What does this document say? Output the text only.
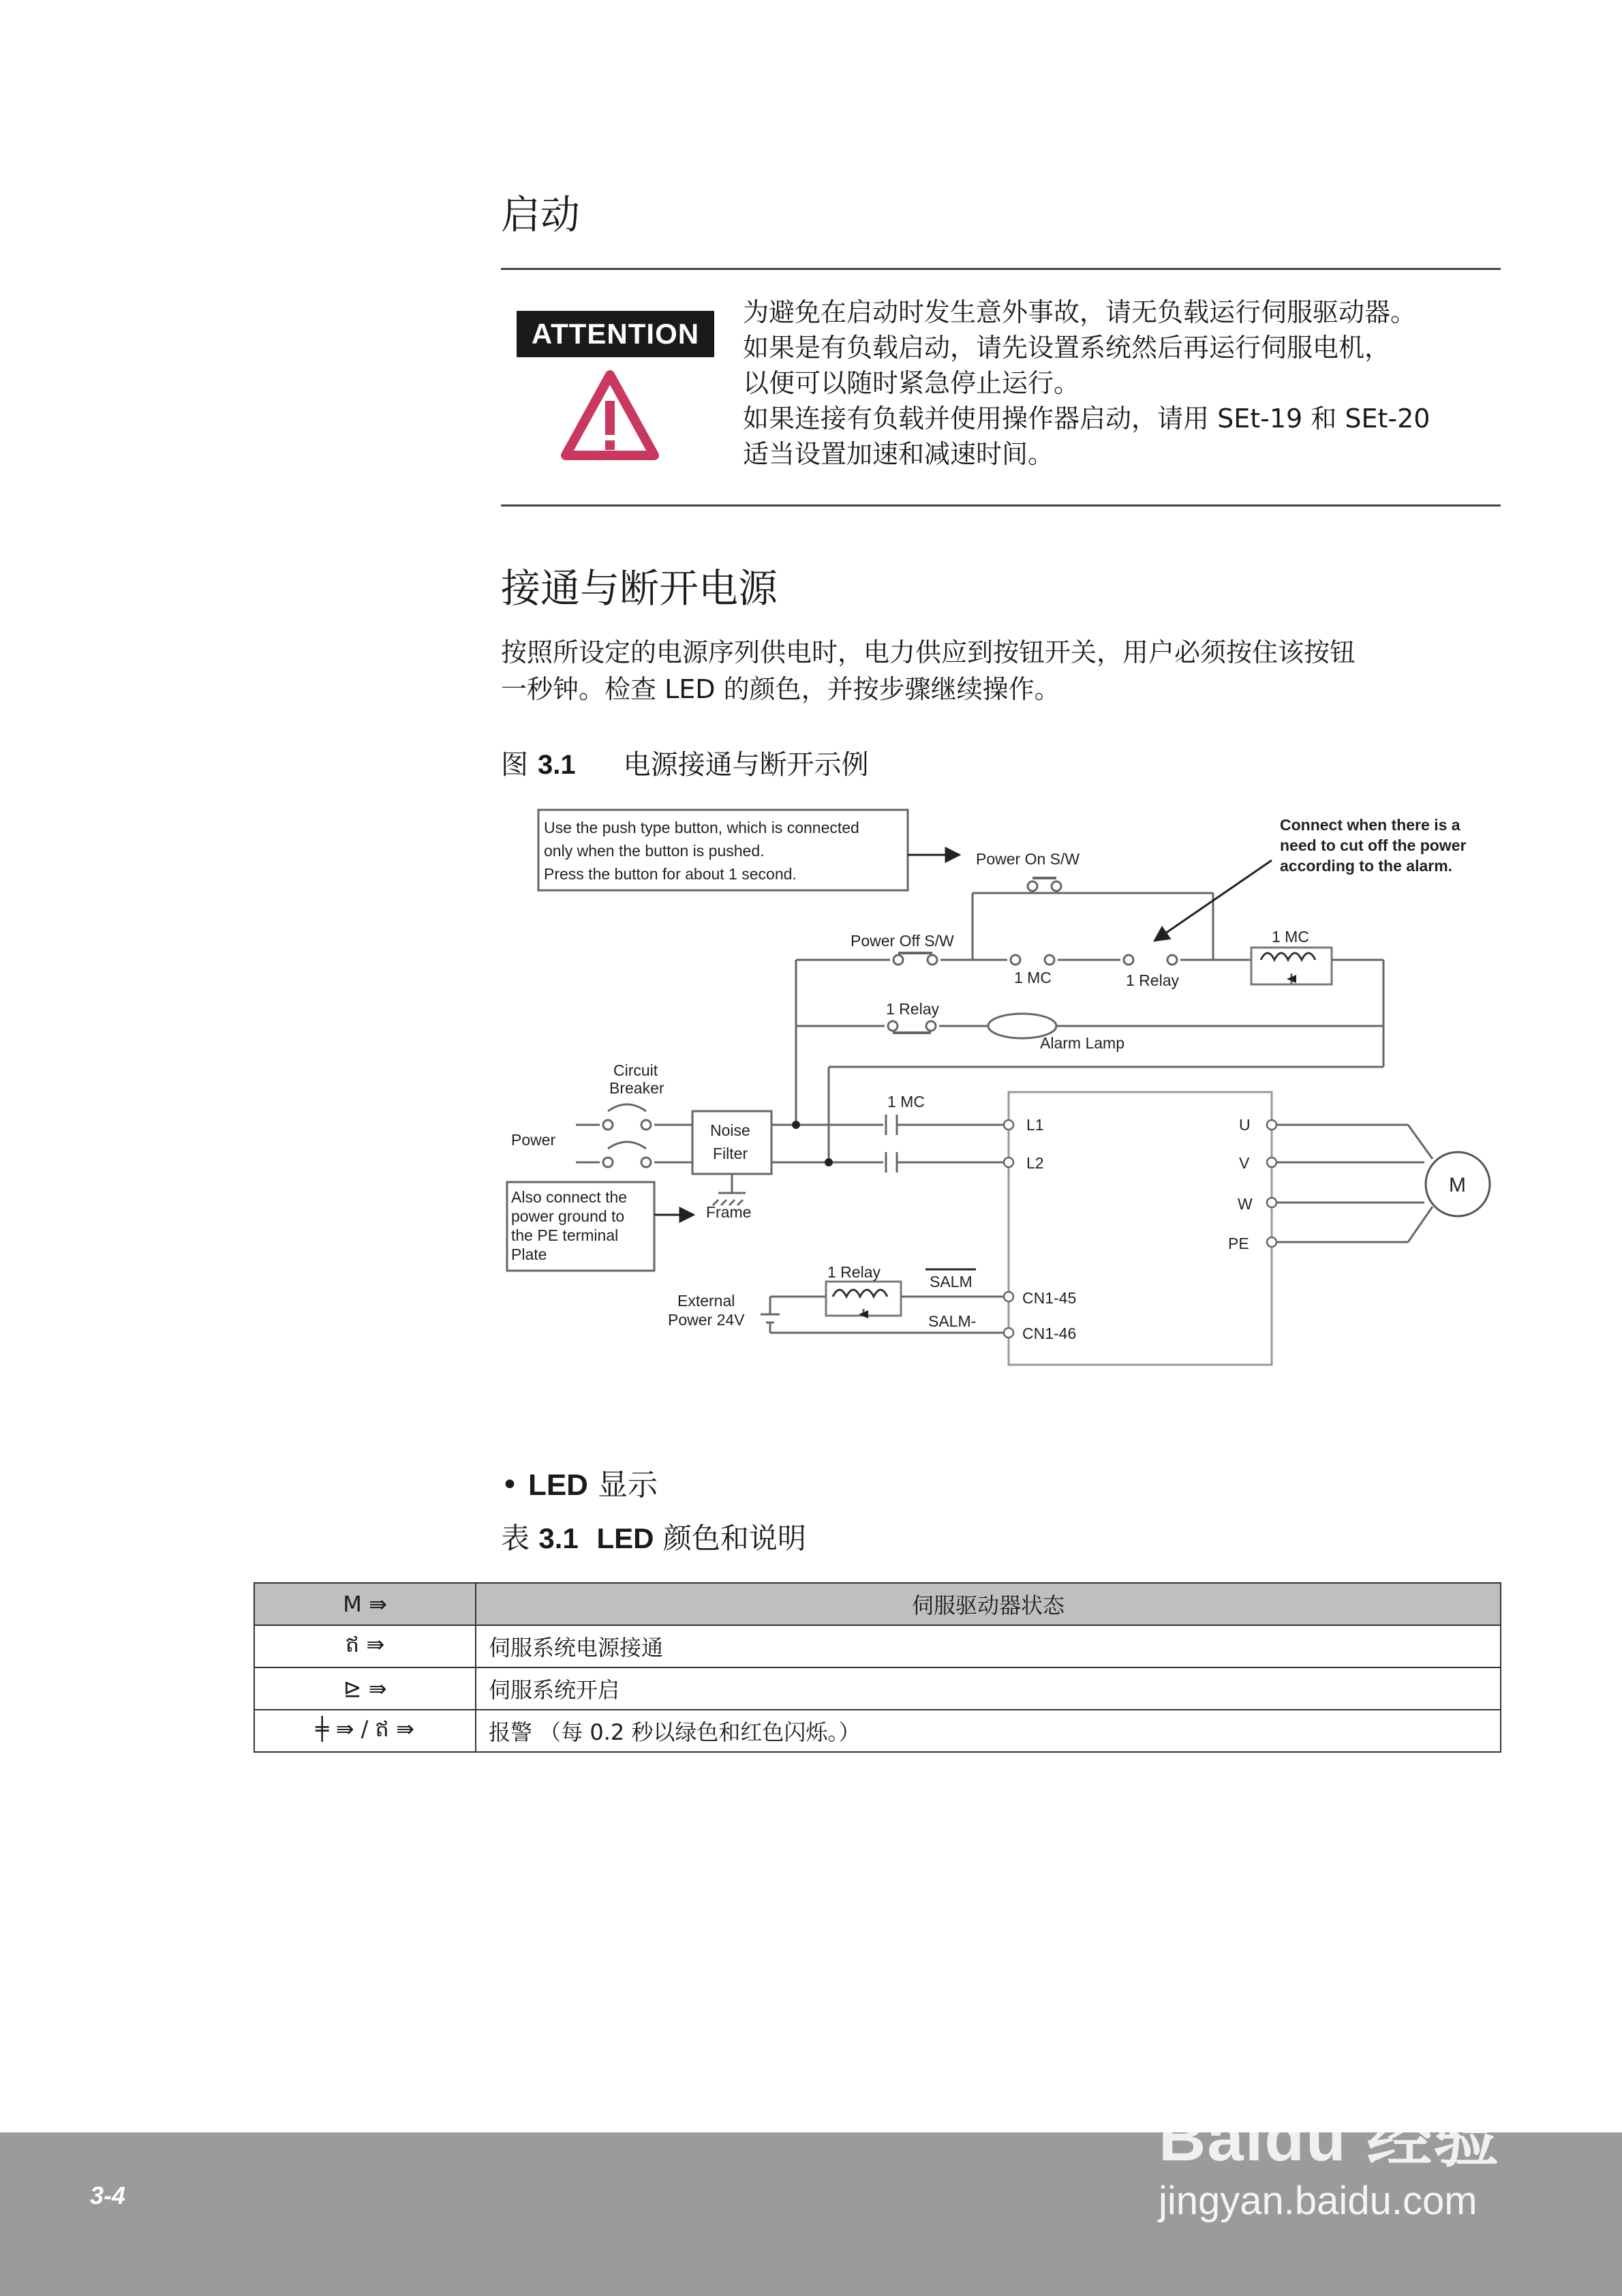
启动
ATTENTION
为避免在启动时发生意外事故，请无负载运行伺服驱动器。
如果是有负载启动，请先设置系统然后再运行伺服电机，
以便可以随时紧急停止运行。
如果连接有负载并使用操作器启动，请用 SEt-19 和 SEt-20
适当设置加速和减速时间。
接通与断开电源
按照所设定的电源序列供电时，电力供应到按钮开关，用户必须按住该按钮
一秒钟。检查 LED 的颜色，并按步骤继续操作。
图 3.1 电源接通与断开示例
Use the push type button, which is connected
only when the button is pushed.
Press the button for about 1 second.
Power On S/W
Connect when there is a
need to cut off the power
according to the alarm.
Power Off S/W
1 MC	1 Relay
1 MC
1 Relay
Alarm Lamp
Circuit
Breaker
Power
Noise
Filter
Frame
1 MC
Also connect the
power ground to
the PE terminal
Plate
L1
L2
CN1-45
CN1-46
U
V
W
PE
M
1 Relay
SALM
SALM-
External
Power 24V
• LED 显示
表 3.1 LED 颜色和说明
M ⇛	伺服驱动器状态
ឥ ⇛	伺服系统电源接通
⊵ ⇛	伺服系统开启
╪ ⇛ / ឥ ⇛	报警 （每 0.2 秒以绿色和红色闪烁。）
Baidu 经验
jingyan.baidu.com
3-4
